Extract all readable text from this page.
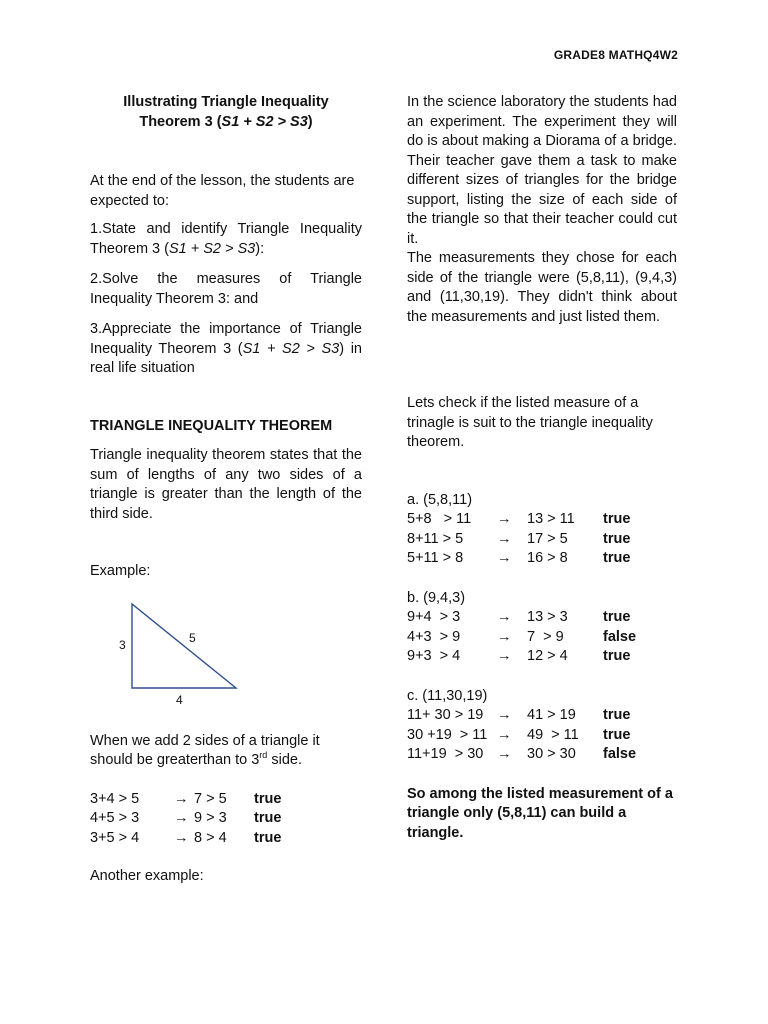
GRADE8 MATHQ4W2
Illustrating Triangle Inequality
Theorem 3 (S1 + S2 > S3)

At the end of the lesson, the students are expected to:

1.State and identify Triangle Inequality Theorem 3 (S1 + S2 > S3):

2.Solve the measures of Triangle Inequality Theorem 3: and

3.Appreciate the importance of Triangle Inequality Theorem 3 (S1 + S2 > S3) in real life situation

TRIANGLE INEQUALITY THEOREM

Triangle inequality theorem states that the sum of lengths of any two sides of a triangle is greater than the length of the third side.

Example:

When we add 2 sides of a triangle it should be greaterthan to 3rd side.

3+4 > 5	→ 7 > 5	true
4+5 > 3	→ 9 > 3	true
3+5 > 4	→ 8 > 4	true

Another example:

3	5
4

In the science laboratory the students had an experiment. The experiment they will do is about making a Diorama of a bridge. Their teacher gave them a task to make different sizes of triangles for the bridge support, listing the size of each side of the triangle so that their teacher could cut it.

The measurements they chose for each side of the triangle were (5,8,11), (9,4,3) and (11,30,19). They didn't think about the measurements and just listed them.

Lets check if the listed measure of a trinagle is suit to the triangle inequality theorem.

a. (5,8,11)
5+8   > 11	→	13 > 11	true
8+11 > 5	→	17 > 5	true
5+11 > 8	→	16 > 8	true
b. (9,4,3)
9+4  > 3	→	13 > 3	true
4+3  > 9	→	7  > 9	false
9+3  > 4	→	12 > 4	true
c. (11,30,19)
11+ 30 > 19 →	41 > 19	true
30 +19  > 11 →	49  > 11	true
11+19  > 30 →	30 > 30	false

So among the listed measurement of a triangle only (5,8,11) can build a triangle.
